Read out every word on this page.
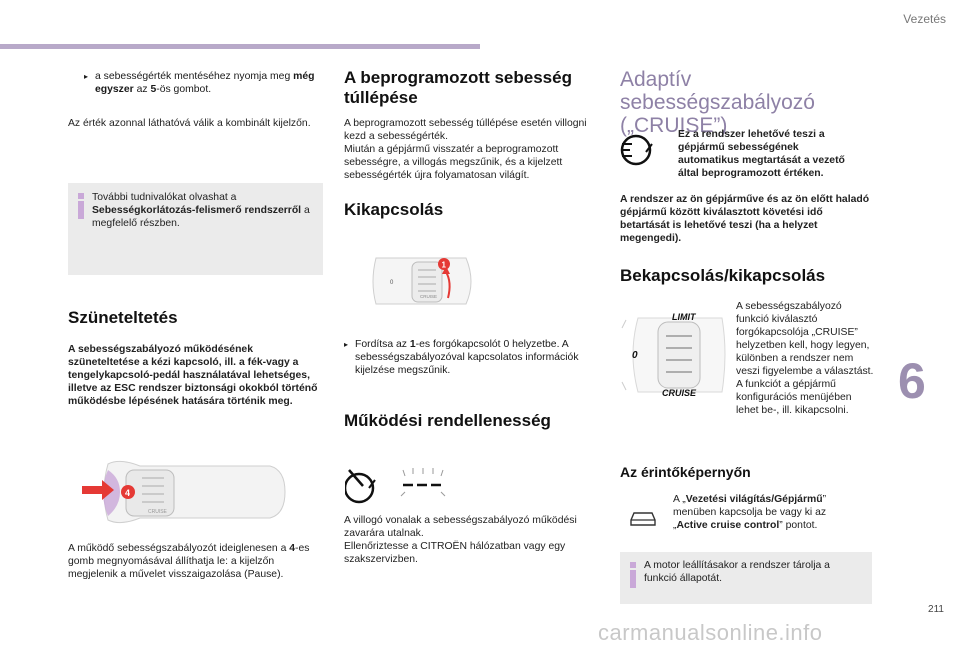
Vezetés
▸ a sebességérték mentéséhez nyomja meg még egyszer az 5-ös gombot.
Az érték azonnal láthatóvá válik a kombinált kijelzőn.
További tudnivalókat olvashat a Sebességkorlátozás-felismerő rendszerről a megfelelő részben.
Szüneteltetés
A sebességszabályozó működésének szüneteltetése a kézi kapcsoló, ill. a fék-vagy a tengelykapcsoló-pedál használatával lehetséges, illetve az ESC rendszer biztonsági okokból történő működésbe lépésének hatására történik meg.
CRUISE
4
A működő sebességszabályozót ideiglenesen a 4-es gomb megnyomásával állíthatja le: a kijelzőn megjelenik a művelet visszaigazolása (Pause).
A beprogramozott sebesség túllépése
A beprogramozott sebesség túllépése esetén villogni kezd a sebességérték.
Miután a gépjármű visszatér a beprogramozott sebességre, a villogás megszűnik, és a kijelzett sebességérték újra folyamatosan világít.
Kikapcsolás
0
CRUISE
1
▸ Fordítsa az 1-es forgókapcsolót 0 helyzetbe. A sebességszabályozóval kapcsolatos információk kijelzése megszűnik.
Működési rendellenesség
A villogó vonalak a sebességszabályozó működési zavarára utalnak.
Ellenőriztesse a CITROËN hálózatban vagy egy szakszervizben.
Adaptív sebességszabályozó („CRUISE”)
Ez a rendszer lehetővé teszi a gépjármű sebességének automatikus megtartását a vezető által beprogramozott értéken.
A rendszer az ön gépjárműve és az ön előtt haladó gépjármű között kiválasztott követési idő betartását is lehetővé teszi (ha a helyzet megengedi).
Bekapcsolás/kikapcsolás
LIMIT
0
CRUISE
A sebességszabályozó funkció kiválasztó forgókapcsolója „CRUISE” helyzetben kell, hogy legyen, különben a rendszer nem veszi figyelembe a választást.
A funkciót a gépjármű konfigurációs menüjében lehet be-, ill. kikapcsolni.
Az érintőképernyőn
A „Vezetési világítás/Gépjármű” menüben kapcsolja be vagy ki az „Active cruise control” pontot.
A motor leállításakor a rendszer tárolja a funkció állapotát.
6
211
carmanualsonline.info
